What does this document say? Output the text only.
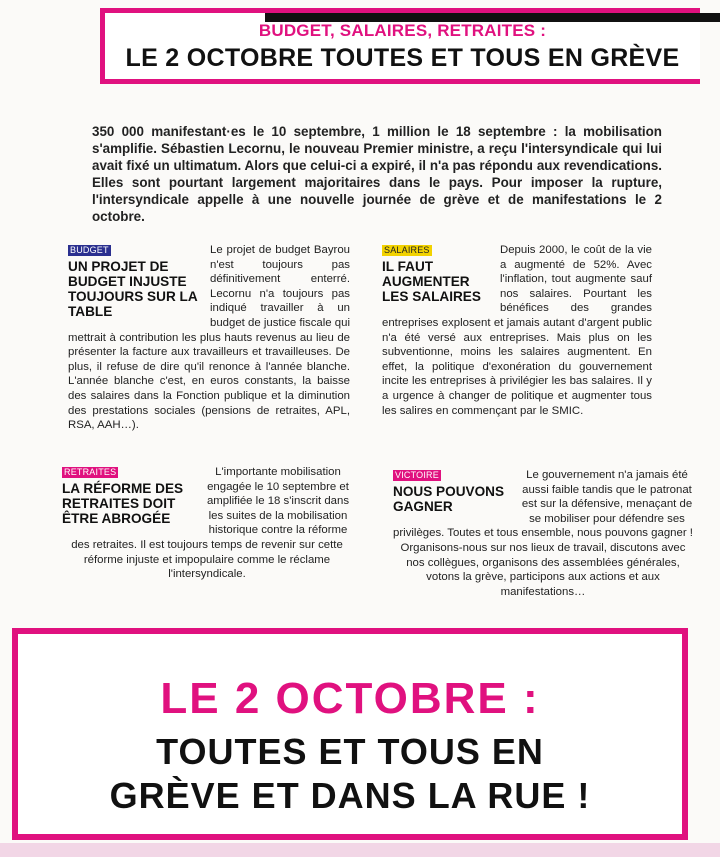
BUDGET, SALAIRES, RETRAITES :
LE 2 OCTOBRE TOUTES ET TOUS EN GRÈVE

350 000 manifestant·es le 10 septembre, 1 million le 18 septembre : la mobilisation s'amplifie. Sébastien Lecornu, le nouveau Premier ministre, a reçu l'intersyndicale qui lui avait fixé un ultimatum. Alors que celui-ci a expiré, il n'a pas répondu aux revendications. Elles sont pourtant largement majoritaires dans le pays. Pour imposer la rupture, l'intersyndicale appelle à une nouvelle journée de grève et de manifestations le 2 octobre.

BUDGET
UN PROJET DE BUDGET INJUSTE TOUJOURS SUR LA TABLE

Le projet de budget Bayrou n'est toujours pas définitivement enterré. Lecornu n'a toujours pas indiqué travailler à un budget de justice fiscale qui mettrait à contribution les plus hauts revenus au lieu de présenter la facture aux travailleurs et travailleuses. De plus, il refuse de dire qu'il renonce à l'année blanche. L'année blanche c'est, en euros constants, la baisse des salaires dans la Fonction publique et la diminution des prestations sociales (pensions de retraites, APL, RSA, AAH…).

SALAIRES
IL FAUT AUGMENTER LES SALAIRES

Depuis 2000, le coût de la vie a augmenté de 52%. Avec l'inflation, tout augmente sauf nos salaires. Pourtant les bénéfices des grandes entreprises explosent et jamais autant d'argent public n'a été versé aux entreprises. Mais plus on les subventionne, moins les salaires augmentent. En effet, la politique d'exonération du gouvernement incite les entreprises à privilégier les bas salaires. Il y a urgence à changer de politique et augmenter tous les salires en commençant par le SMIC.

RETRAITES
LA RÉFORME DES RETRAITES DOIT ÊTRE ABROGÉE

L'importante mobilisation engagée le 10 septembre et amplifiée le 18 s'inscrit dans les suites de la mobilisation historique contre la réforme des retraites. Il est toujours temps de revenir sur cette réforme injuste et impopulaire comme le réclame l'intersyndicale.

VICTOIRE
NOUS POUVONS GAGNER

Le gouvernement n'a jamais été aussi faible tandis que le patronat est sur la défensive, menaçant de se mobiliser pour défendre ses privilèges. Toutes et tous ensemble, nous pouvons gagner ! Organisons-nous sur nos lieux de travail, discutons avec nos collègues, organisons des assemblées générales, votons la grève, participons aux actions et aux manifestations…

LE 2 OCTOBRE :
TOUTES ET TOUS EN
GRÈVE ET DANS LA RUE !
